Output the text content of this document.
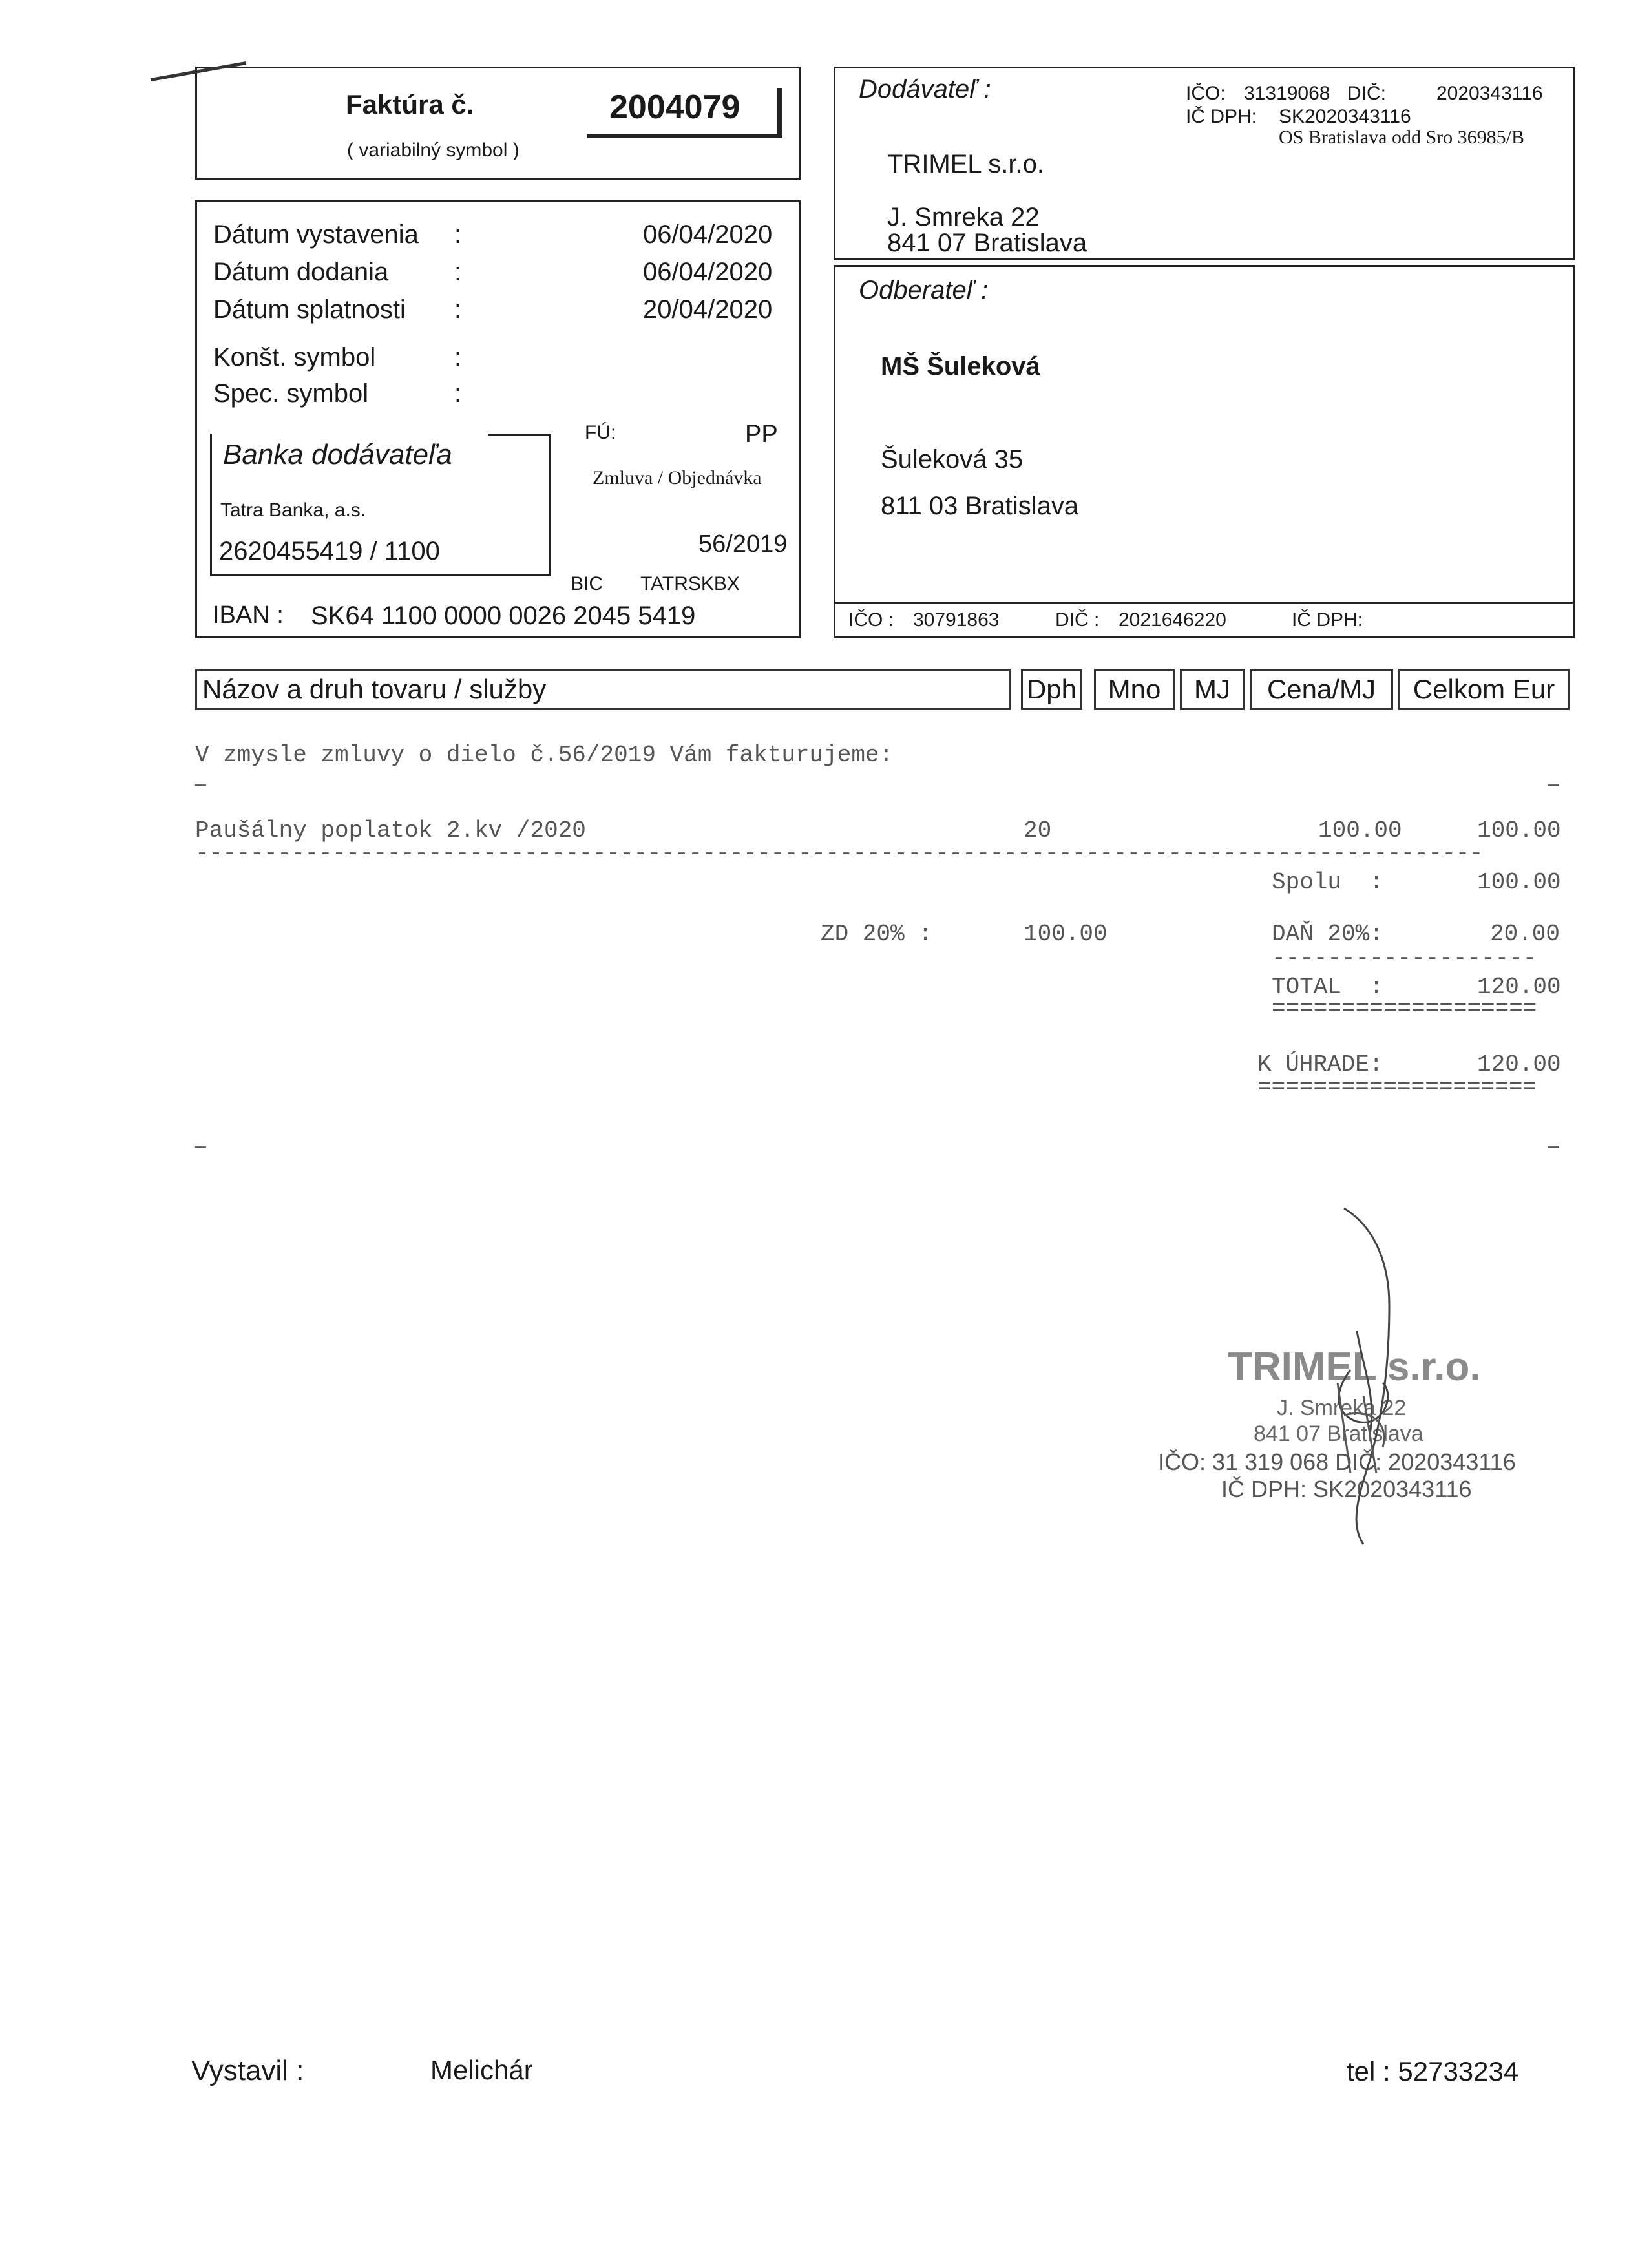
Faktúra č.	2004079
( variabilný symbol )
Dátum vystavenia :	06/04/2020
Dátum dodania	:	06/04/2020
Dátum splatnosti :	20/04/2020
Konšt. symbol	:
Spec. symbol	:
Banka dodávateľa
Tatra Banka, a.s.
2620455419 / 1100
FÚ:	PP
Zmluva / Objednávka
56/2019
BIC TATRSKBX
IBAN : SK64 1100 0000 0026 2045 5419
Dodávateľ :	IČO: 31319068 DIČ:	2020343116
IČ DPH: SK2020343116
OS Bratislava odd Sro 36985/B
TRIMEL s.r.o.
J. Smreka 22
841 07 Bratislava
Odberateľ :
MŠ Šuleková
Šuleková 35
811 03 Bratislava
IČO : 30791863	DIČ : 2021646220	IČ DPH:
Názov a druh tovaru / služby	Dph Mno MJ Cena/MJ Celkom Eur
V zmysle zmluvy o dielo č.56/2019 Vám fakturujeme:
—	—
Paušálny poplatok 2.kv /2020	20	100.00	100.00
----------------------------------------------------------------------------------------------
Spolu  :	100.00
ZD 20% :	100.00	DAŇ 20%:	20.00
-------------------
TOTAL  :	120.00
===================
K ÚHRADE:	120.00
====================
—	—
TRIMEL s.r.o.
J. Smreka 22
841 07 Bratislava
IČO: 31 319 068 DIČ: 2020343116
IČ DPH: SK2020343116
Vystavil :	Melichár	tel : 52733234
